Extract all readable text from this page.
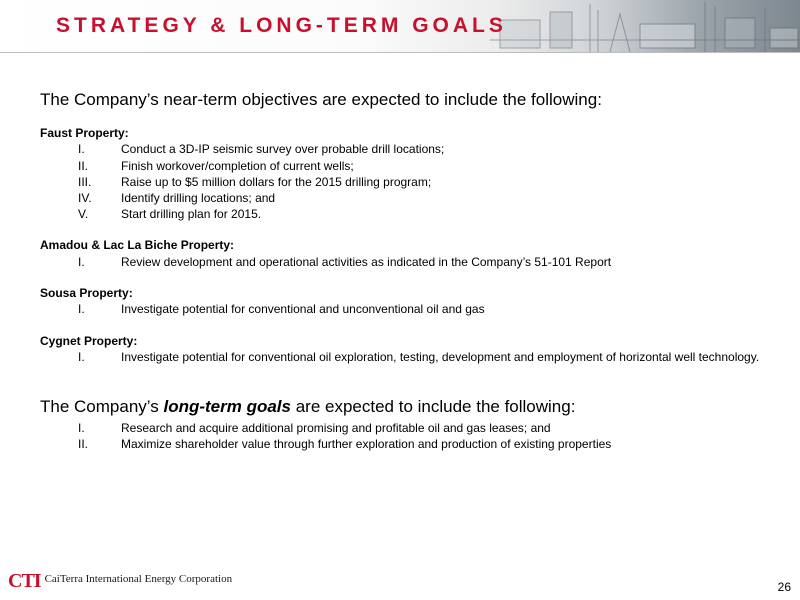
STRATEGY & LONG-TERM GOALS
The Company’s near-term objectives are expected to include the following:
Faust Property:
I.	Conduct a 3D-IP seismic survey over probable drill locations;
II.	Finish workover/completion of current wells;
III. Raise up to $5 million dollars for the 2015 drilling program;
IV. Identify drilling locations; and
V.	Start drilling plan for 2015.
Amadou & Lac La Biche Property:
I.	Review development and operational activities as indicated in the Company’s 51-101 Report
Sousa Property:
I.	Investigate potential for conventional and unconventional oil and gas
Cygnet Property:
I.	Investigate potential for conventional oil exploration, testing, development and employment of horizontal well technology.
The Company’s long-term goals are expected to include the following:
I.	Research and acquire additional promising and profitable oil and gas leases; and
II.	Maximize shareholder value through further exploration and production of existing properties
CTI CaiTerra International Energy Corporation
26
